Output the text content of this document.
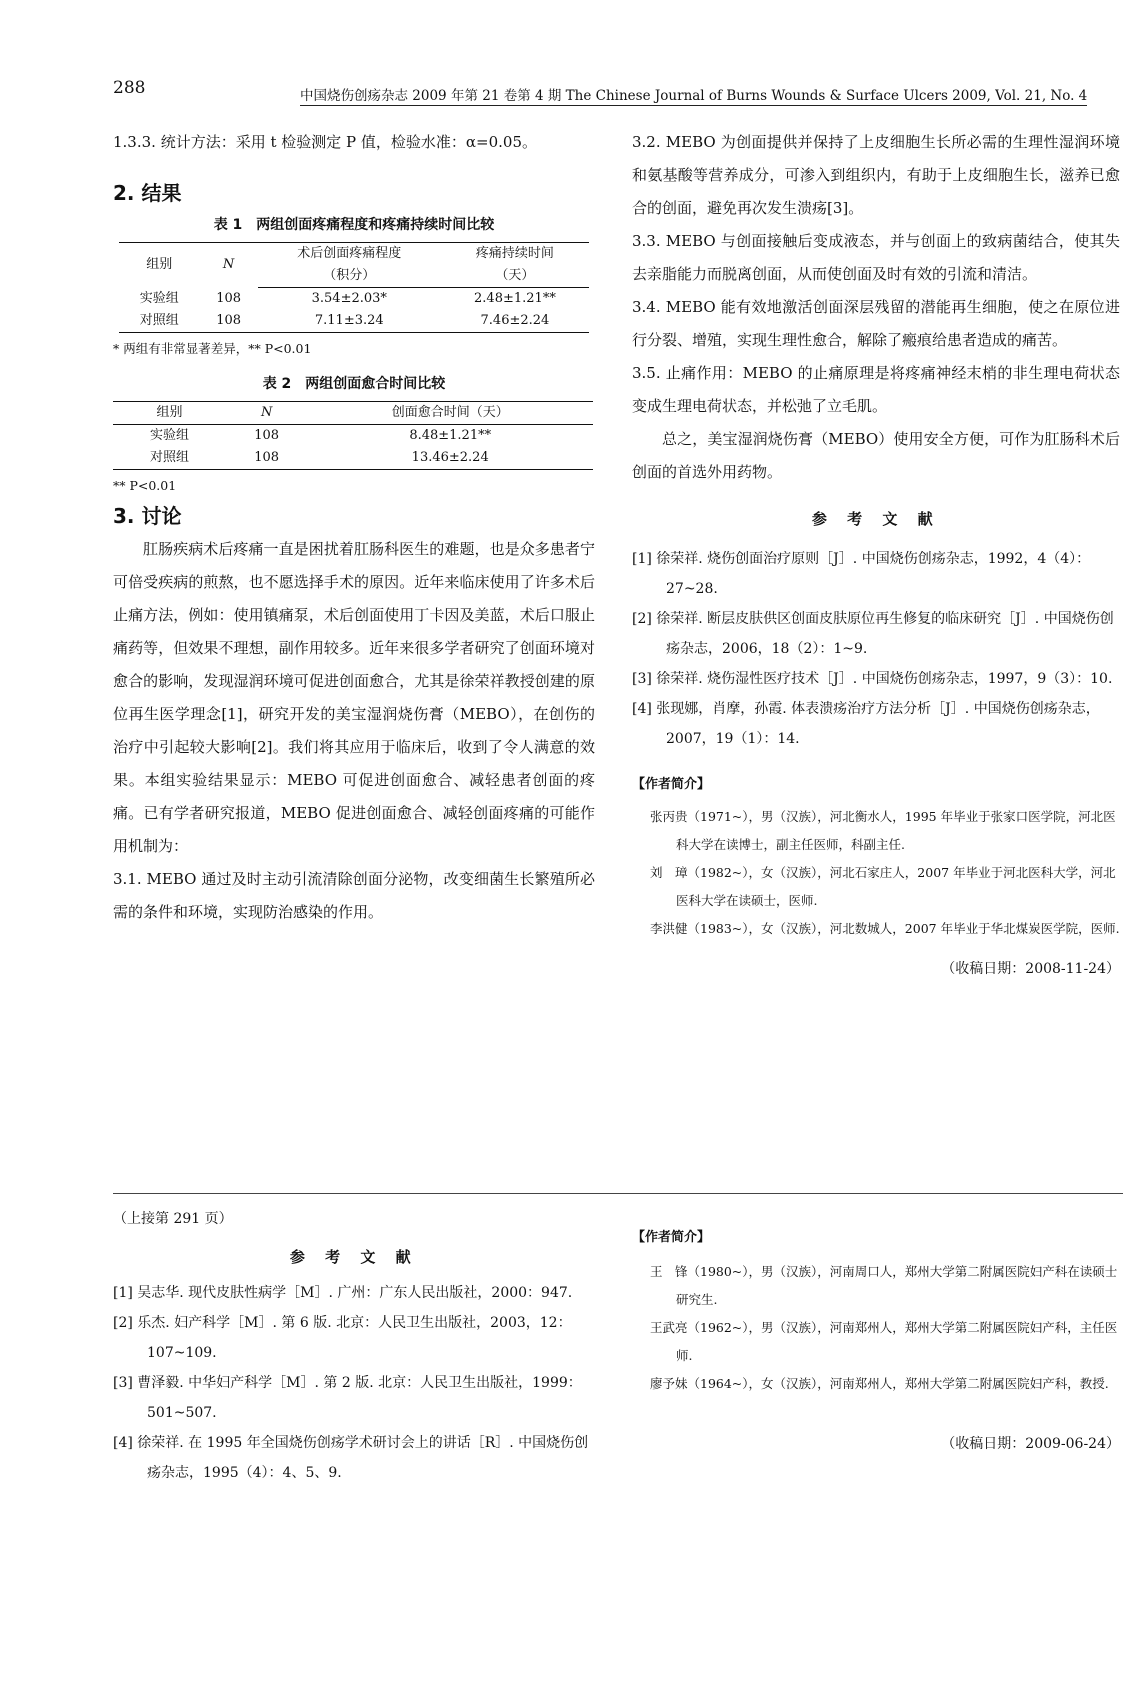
288	中国烧伤创疡杂志 2009 年第 21 卷第 4 期 The Chinese Journal of Burns Wounds & Surface Ulcers 2009, Vol. 21, No. 4

1.3.3. 统计方法：采用 t 检验测定 P 值，检验水准：α=0.05。

2. 结果

表 1　两组创面疼痛程度和疼痛持续时间比较
组别	N	术后创面疼痛程度	疼痛持续时间
		（积分）	（天）
实验组	108	3.54±2.03*	2.48±1.21**
对照组	108	7.11±3.24	7.46±2.24
* 两组有非常显著差异，** P<0.01
表 2　两组创面愈合时间比较
组别	N	创面愈合时间（天）
实验组	108	8.48±1.21**
对照组	108	13.46±2.24
** P<0.01

3. 讨论

肛肠疾病术后疼痛一直是困扰着肛肠科医生的难题，也是众多患者宁可倍受疾病的煎熬，也不愿选择手术的原因。近年来临床使用了许多术后止痛方法，例如：使用镇痛泵，术后创面使用丁卡因及美蓝，术后口服止痛药等，但效果不理想，副作用较多。近年来很多学者研究了创面环境对愈合的影响，发现湿润环境可促进创面愈合，尤其是徐荣祥教授创建的原位再生医学理念[1]，研究开发的美宝湿润烧伤膏（MEBO），在创伤的治疗中引起较大影响[2]。我们将其应用于临床后，收到了令人满意的效果。本组实验结果显示：MEBO 可促进创面愈合、减轻患者创面的疼痛。已有学者研究报道，MEBO 促进创面愈合、减轻创面疼痛的可能作用机制为：

3.1. MEBO 通过及时主动引流清除创面分泌物，改变细菌生长繁殖所必需的条件和环境，实现防治感染的作用。

3.2. MEBO 为创面提供并保持了上皮细胞生长所必需的生理性湿润环境和氨基酸等营养成分，可渗入到组织内，有助于上皮细胞生长，滋养已愈合的创面，避免再次发生溃疡[3]。

3.3. MEBO 与创面接触后变成液态，并与创面上的致病菌结合，使其失去亲脂能力而脱离创面，从而使创面及时有效的引流和清洁。

3.4. MEBO 能有效地激活创面深层残留的潜能再生细胞，使之在原位进行分裂、增殖，实现生理性愈合，解除了瘢痕给患者造成的痛苦。

3.5. 止痛作用：MEBO 的止痛原理是将疼痛神经末梢的非生理电荷状态变成生理电荷状态，并松弛了立毛肌。

总之，美宝湿润烧伤膏（MEBO）使用安全方便，可作为肛肠科术后创面的首选外用药物。

参 考 文 献
[1] 徐荣祥. 烧伤创面治疗原则［J］. 中国烧伤创疡杂志，1992，4（4）：27~28.
[2] 徐荣祥. 断层皮肤供区创面皮肤原位再生修复的临床研究［J］. 中国烧伤创疡杂志，2006，18（2）：1~9.
[3] 徐荣祥. 烧伤湿性医疗技术［J］. 中国烧伤创疡杂志，1997，9（3）：10.
[4] 张现娜，肖摩，孙霞. 体表溃疡治疗方法分析［J］. 中国烧伤创疡杂志，2007，19（1）：14.
【作者简介】
张丙贵（1971~），男（汉族），河北衡水人，1995 年毕业于张家口医学院，河北医科大学在读博士，副主任医师，科副主任.
刘　璋（1982~），女（汉族），河北石家庄人，2007 年毕业于河北医科大学，河北医科大学在读硕士，医师.
李洪健（1983~），女（汉族），河北数城人，2007 年毕业于华北煤炭医学院，医师.
（收稿日期：2008-11-24）
（上接第 291 页）
参 考 文 献
[1] 吴志华. 现代皮肤性病学［M］. 广州：广东人民出版社，2000：947.
[2] 乐杰. 妇产科学［M］. 第 6 版. 北京：人民卫生出版社，2003，12：107~109.
[3] 曹泽毅. 中华妇产科学［M］. 第 2 版. 北京：人民卫生出版社，1999：501~507.
[4] 徐荣祥. 在 1995 年全国烧伤创疡学术研讨会上的讲话［R］. 中国烧伤创疡杂志，1995（4）：4、5、9.
【作者简介】
王　锋（1980~），男（汉族），河南周口人，郑州大学第二附属医院妇产科在读硕士研究生.
王武亮（1962~），男（汉族），河南郑州人，郑州大学第二附属医院妇产科，主任医师.
廖予妹（1964~），女（汉族），河南郑州人，郑州大学第二附属医院妇产科，教授.
（收稿日期：2009-06-24）
